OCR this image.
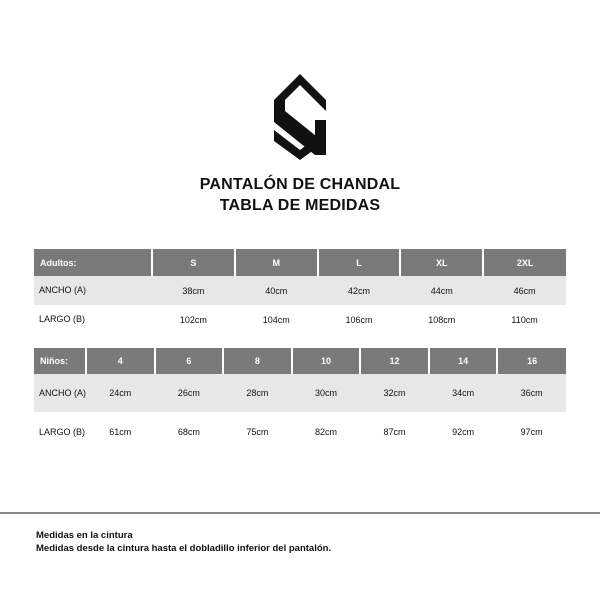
PANTALÓN DE CHANDAL
TABLA DE MEDIDAS
Adultos:	S	M	L	XL	2XL
ANCHO (A)	38cm	40cm	42cm	44cm	46cm
LARGO (B)	102cm	104cm	106cm	108cm	110cm
Niños:	4	6	8	10	12	14	16
ANCHO (A)	24cm	26cm	28cm	30cm	32cm	34cm	36cm
LARGO (B)	61cm	68cm	75cm	82cm	87cm	92cm	97cm
Medidas en la cintura
Medidas desde la cintura hasta el dobladillo inferior del pantalón.
